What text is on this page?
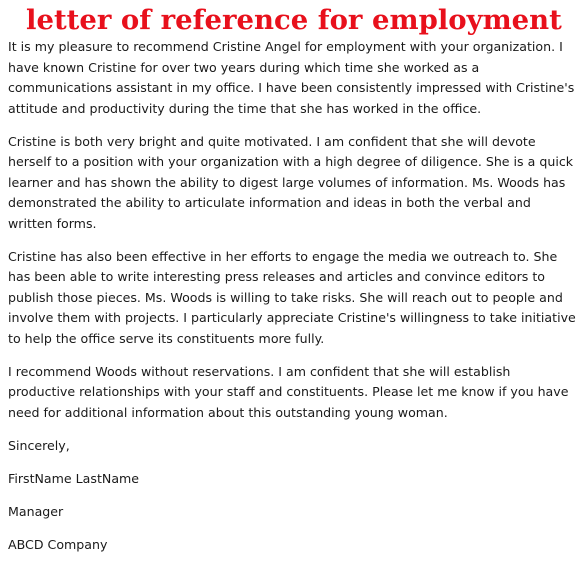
letter of reference for employment

It is my pleasure to recommend Cristine Angel for employment with your organization. I have known Cristine for over two years during which time she worked as a communications assistant in my office. I have been consistently impressed with Cristine's attitude and productivity during the time that she has worked in the office.

Cristine is both very bright and quite motivated. I am confident that she will devote herself to a position with your organization with a high degree of diligence. She is a quick learner and has shown the ability to digest large volumes of information. Ms. Woods has demonstrated the ability to articulate information and ideas in both the verbal and written forms.

Cristine has also been effective in her efforts to engage the media we outreach to. She has been able to write interesting press releases and articles and convince editors to publish those pieces. Ms. Woods is willing to take risks. She will reach out to people and involve them with projects. I particularly appreciate Cristine's willingness to take initiative to help the office serve its constituents more fully.

I recommend Woods without reservations. I am confident that she will establish productive relationships with your staff and constituents. Please let me know if you have need for additional information about this outstanding young woman.

Sincerely,

FirstName LastName

Manager

ABCD Company
